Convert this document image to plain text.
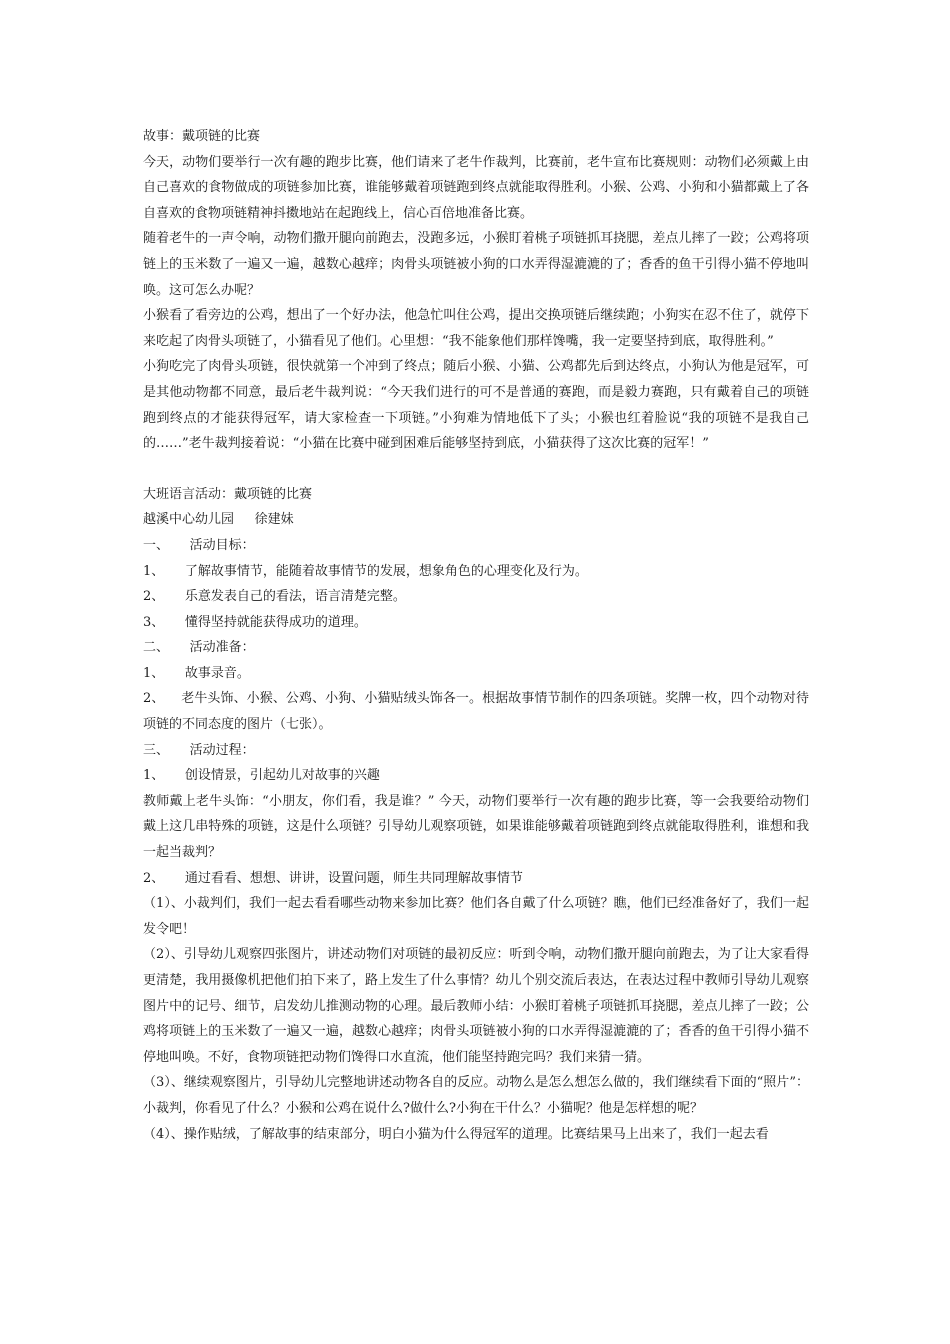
故事：戴项链的比赛

今天，动物们要举行一次有趣的跑步比赛，他们请来了老牛作裁判，比赛前，老牛宣布比赛规则：动物们必须戴上由自己喜欢的食物做成的项链参加比赛，谁能够戴着项链跑到终点就能取得胜利。小猴、公鸡、小狗和小猫都戴上了各自喜欢的食物项链精神抖擞地站在起跑线上，信心百倍地准备比赛。

随着老牛的一声令响，动物们撒开腿向前跑去，没跑多远，小猴盯着桃子项链抓耳挠腮，差点儿摔了一跤；公鸡将项链上的玉米数了一遍又一遍，越数心越痒；肉骨头项链被小狗的口水弄得湿漉漉的了；香香的鱼干引得小猫不停地叫唤。这可怎么办呢？

小猴看了看旁边的公鸡，想出了一个好办法，他急忙叫住公鸡，提出交换项链后继续跑；小狗实在忍不住了，就停下来吃起了肉骨头项链了，小猫看见了他们。心里想：“我不能象他们那样馋嘴，我一定要坚持到底，取得胜利。”

小狗吃完了肉骨头项链，很快就第一个冲到了终点；随后小猴、小猫、公鸡都先后到达终点，小狗认为他是冠军，可是其他动物都不同意，最后老牛裁判说：“今天我们进行的可不是普通的赛跑，而是毅力赛跑，只有戴着自己的项链跑到终点的才能获得冠军，请大家检查一下项链。”小狗难为情地低下了头；小猴也红着脸说“我的项链不是我自己的……”老牛裁判接着说：“小猫在比赛中碰到困难后能够坚持到底，小猫获得了这次比赛的冠军！”

大班语言活动：戴项链的比赛

越溪中心幼儿园     徐建妹

一、     活动目标：

1、     了解故事情节，能随着故事情节的发展，想象角色的心理变化及行为。

2、     乐意发表自己的看法，语言清楚完整。

3、     懂得坚持就能获得成功的道理。

二、     活动准备：

1、     故事录音。

2、    老牛头饰、小猴、公鸡、小狗、小猫贴绒头饰各一。根据故事情节制作的四条项链。奖牌一枚，四个动物对待项链的不同态度的图片（七张）。

三、     活动过程：

1、     创设情景，引起幼儿对故事的兴趣

教师戴上老牛头饰：“小朋友，你们看，我是谁？” 今天，动物们要举行一次有趣的跑步比赛，等一会我要给动物们戴上这几串特殊的项链，这是什么项链？引导幼儿观察项链，如果谁能够戴着项链跑到终点就能取得胜利，谁想和我一起当裁判？

2、     通过看看、想想、讲讲，设置问题，师生共同理解故事情节

（1）、小裁判们，我们一起去看看哪些动物来参加比赛？他们各自戴了什么项链？瞧，他们已经准备好了，我们一起发令吧！

（2）、引导幼儿观察四张图片，讲述动物们对项链的最初反应：听到令响，动物们撒开腿向前跑去，为了让大家看得更清楚，我用摄像机把他们拍下来了，路上发生了什么事情？幼儿个别交流后表达，在表达过程中教师引导幼儿观察图片中的记号、细节，启发幼儿推测动物的心理。最后教师小结：小猴盯着桃子项链抓耳挠腮，差点儿摔了一跤；公鸡将项链上的玉米数了一遍又一遍，越数心越痒；肉骨头项链被小狗的口水弄得湿漉漉的了；香香的鱼干引得小猫不停地叫唤。不好，食物项链把动物们馋得口水直流，他们能坚持跑完吗？我们来猜一猜。

（3）、继续观察图片，引导幼儿完整地讲述动物各自的反应。动物么是怎么想怎么做的，我们继续看下面的“照片”：小裁判，你看见了什么？小猴和公鸡在说什么?做什么?小狗在干什么？小猫呢？他是怎样想的呢？

（4）、操作贴绒，了解故事的结束部分，明白小猫为什么得冠军的道理。比赛结果马上出来了，我们一起去看
